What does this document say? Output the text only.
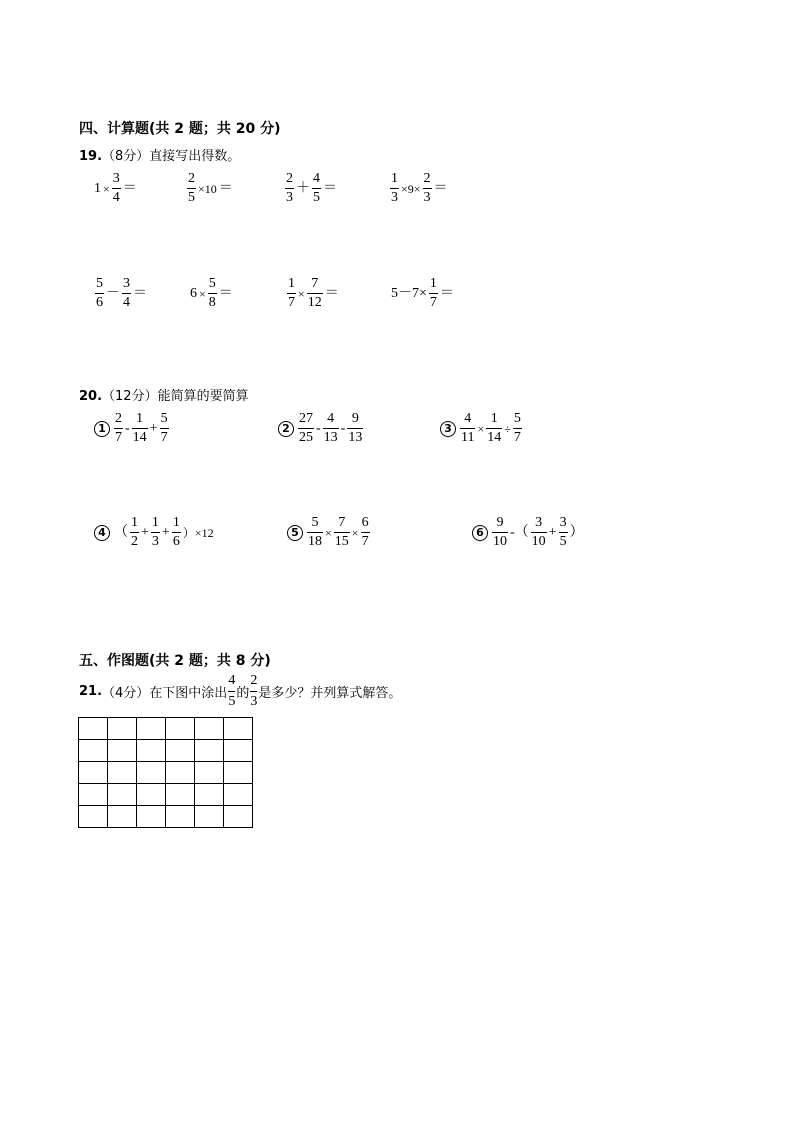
四、计算题(共 2 题；共 20 分)
19.（8分）直接写出得数。
$1 \times \frac{3}{4}$ ＝	$\frac{2}{5} \times 10$ ＝	$\frac{2}{3} + \frac{4}{5}$ ＝	$\frac{1}{3} \times 9\times \frac{2}{3}$ ＝
$\frac{5}{6} - \frac{3}{4}$ ＝	$6 \times \frac{5}{8}$ ＝	$\frac{1}{7} \times \frac{7}{12}$ ＝	$5-7\times \frac{1}{7}$ ＝
20.（12分）能简算的要简算
$1 \frac{2}{7} - \frac{1}{14} + \frac{5}{7}$	$2 \frac{27}{25} - \frac{4}{13} - \frac{9}{13}$	$3 \frac{4}{11} \times \frac{1}{14} \div \frac{5}{7}$
4 （ $\frac{1}{2} + \frac{1}{3} + \frac{1}{6} )\times 12$	$5 \frac{5}{18} \times \frac{7}{15} \times \frac{6}{7}$	$6 \frac{9}{10}$ -（ $\frac{3}{10} + \frac{3}{5}$ ）
五、作图题(共 2 题；共 8 分)
21. （4分）在下图中涂出 $\frac{4}{5}$ 的 $\frac{2}{3}$ 是多少？并列算式解答。
